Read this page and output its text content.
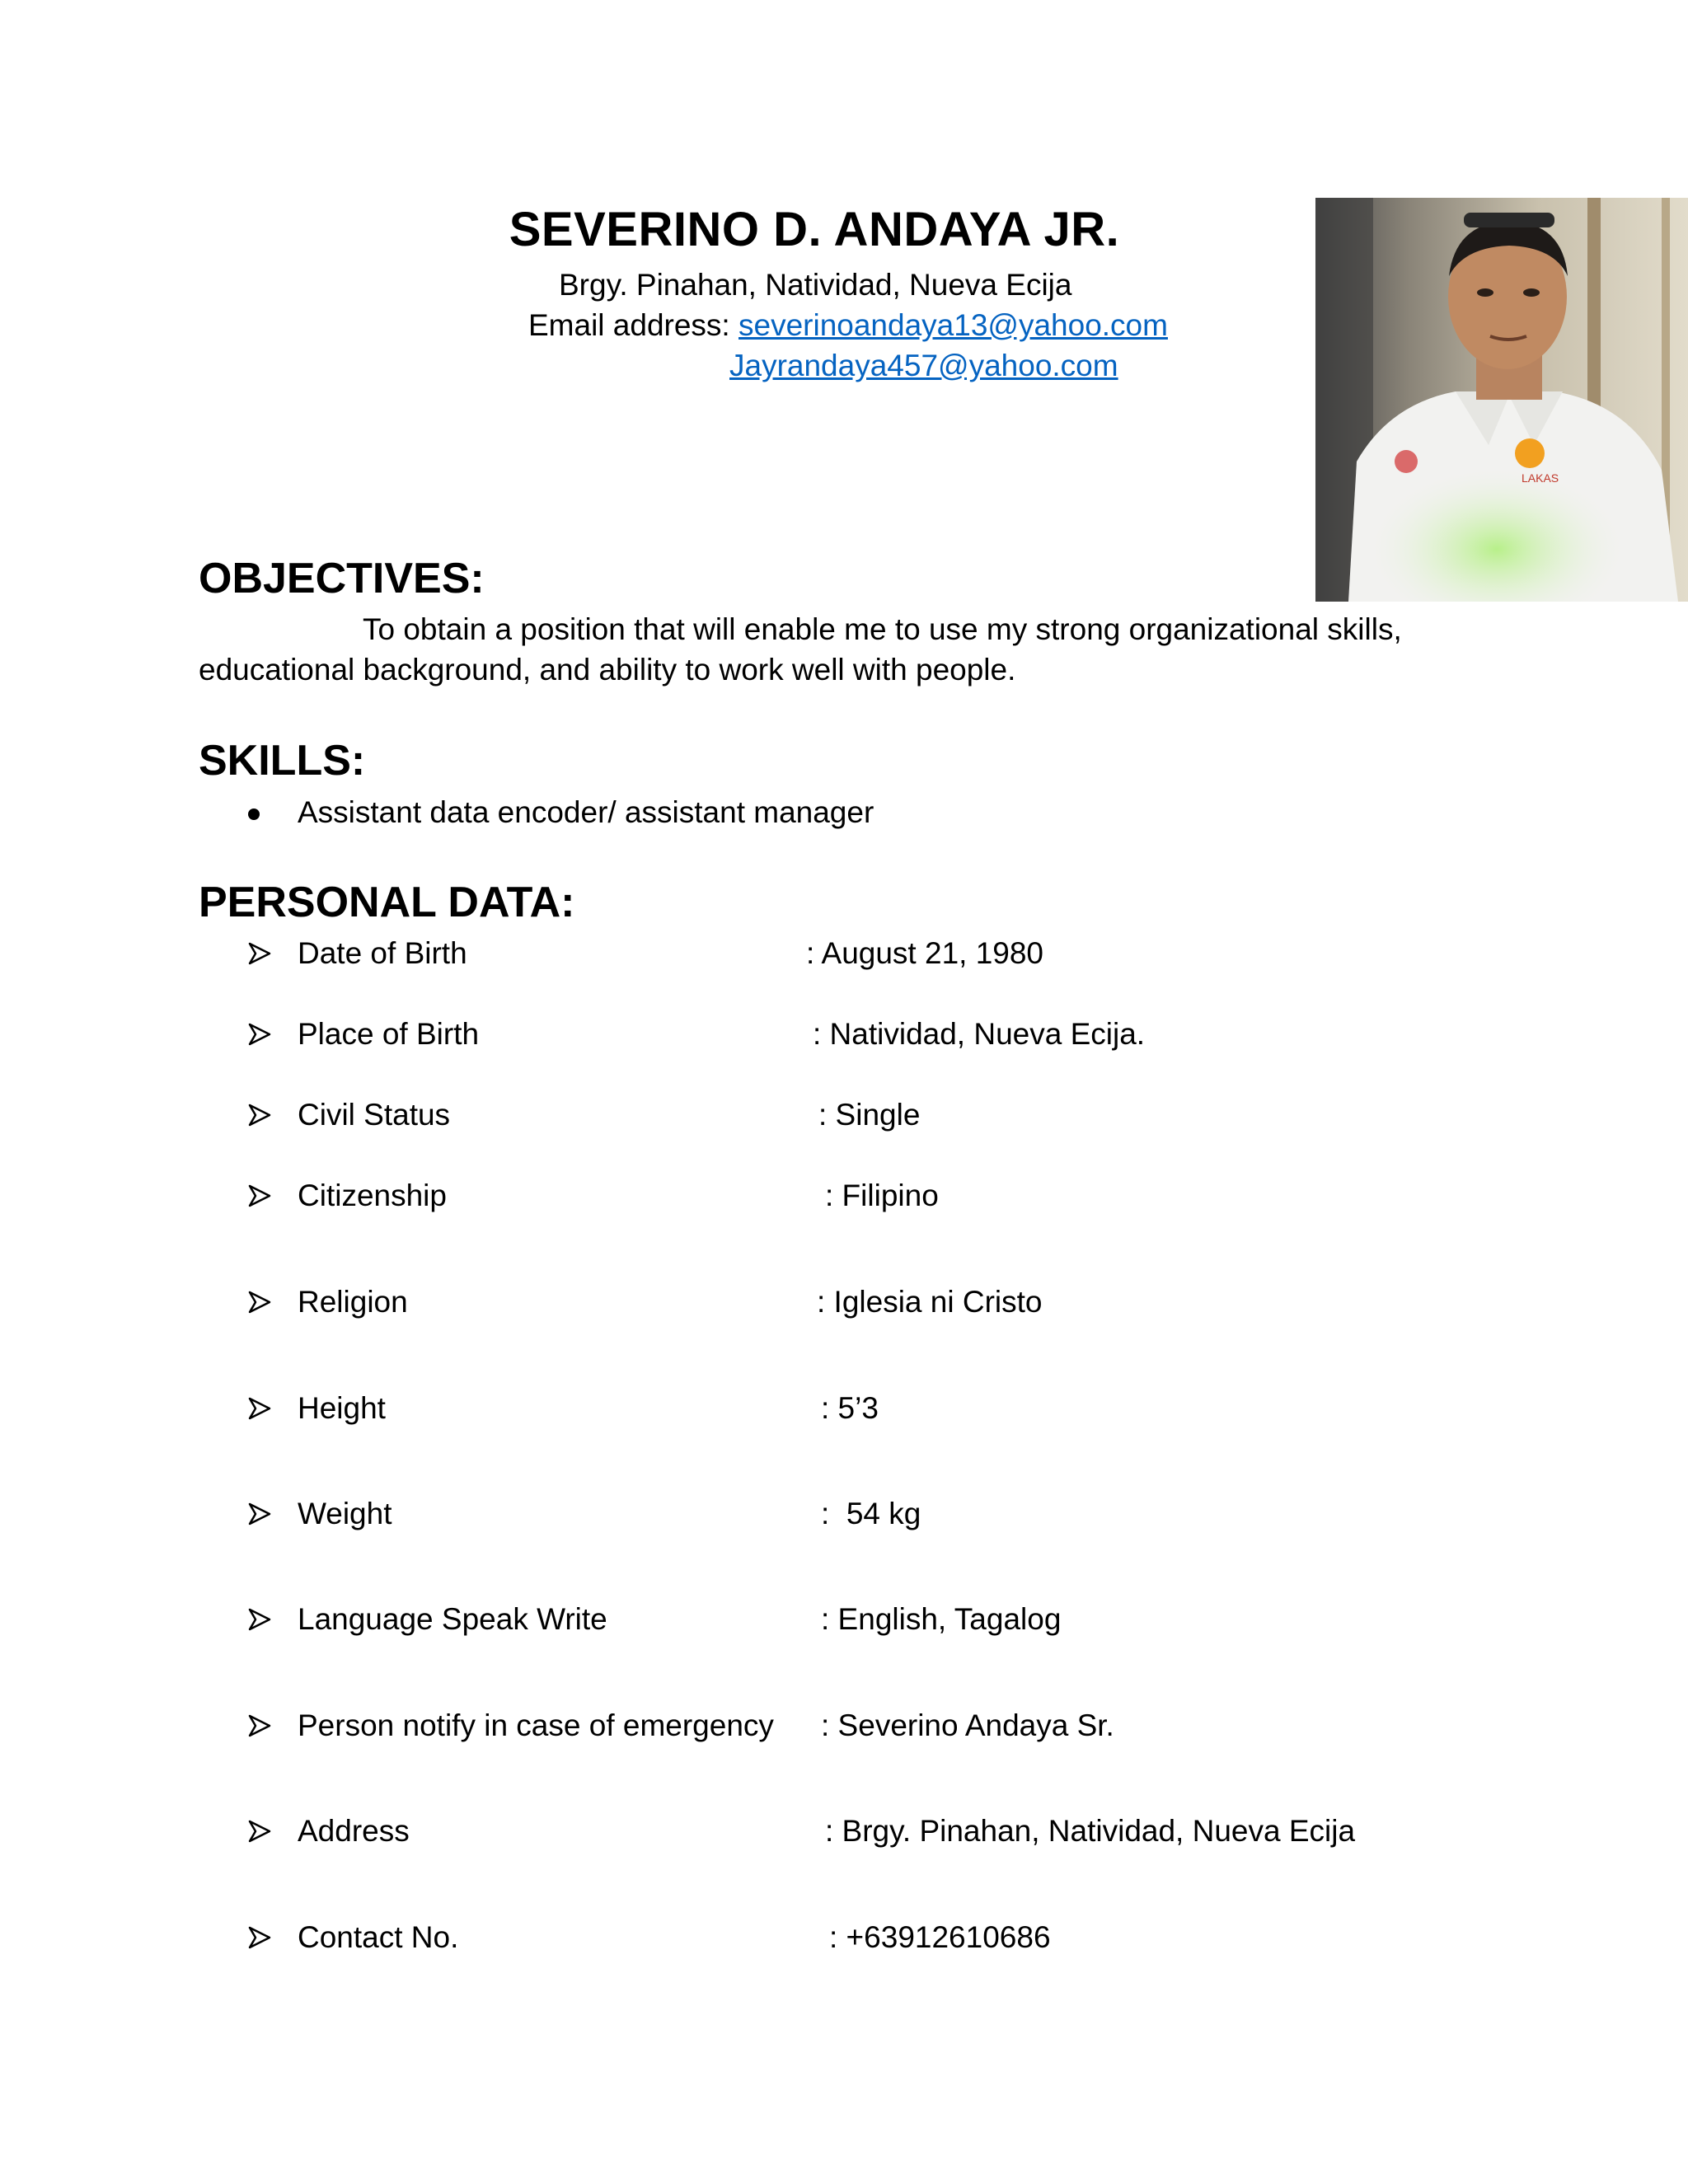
SEVERINO D. ANDAYA JR.
Brgy. Pinahan, Natividad, Nueva Ecija
Email address: severinoandaya13@yahoo.com
Jayrandaya457@yahoo.com
LAKAS
OBJECTIVES:
To obtain a position that will enable me to use my strong organizational skills,
educational background, and ability to work well with people.
SKILLS:
Assistant data encoder/ assistant manager
PERSONAL DATA:
Date of Birth	: August 21, 1980
Place of Birth	: Natividad, Nueva Ecija.
Civil Status	: Single
Citizenship	: Filipino
Religion	: Iglesia ni Cristo
Height	: 5’3
Weight	:  54 kg
Language Speak Write	: English, Tagalog
Person notify in case of emergency : Severino Andaya Sr.
Address	: Brgy. Pinahan, Natividad, Nueva Ecija
Contact No.	: +63912610686
